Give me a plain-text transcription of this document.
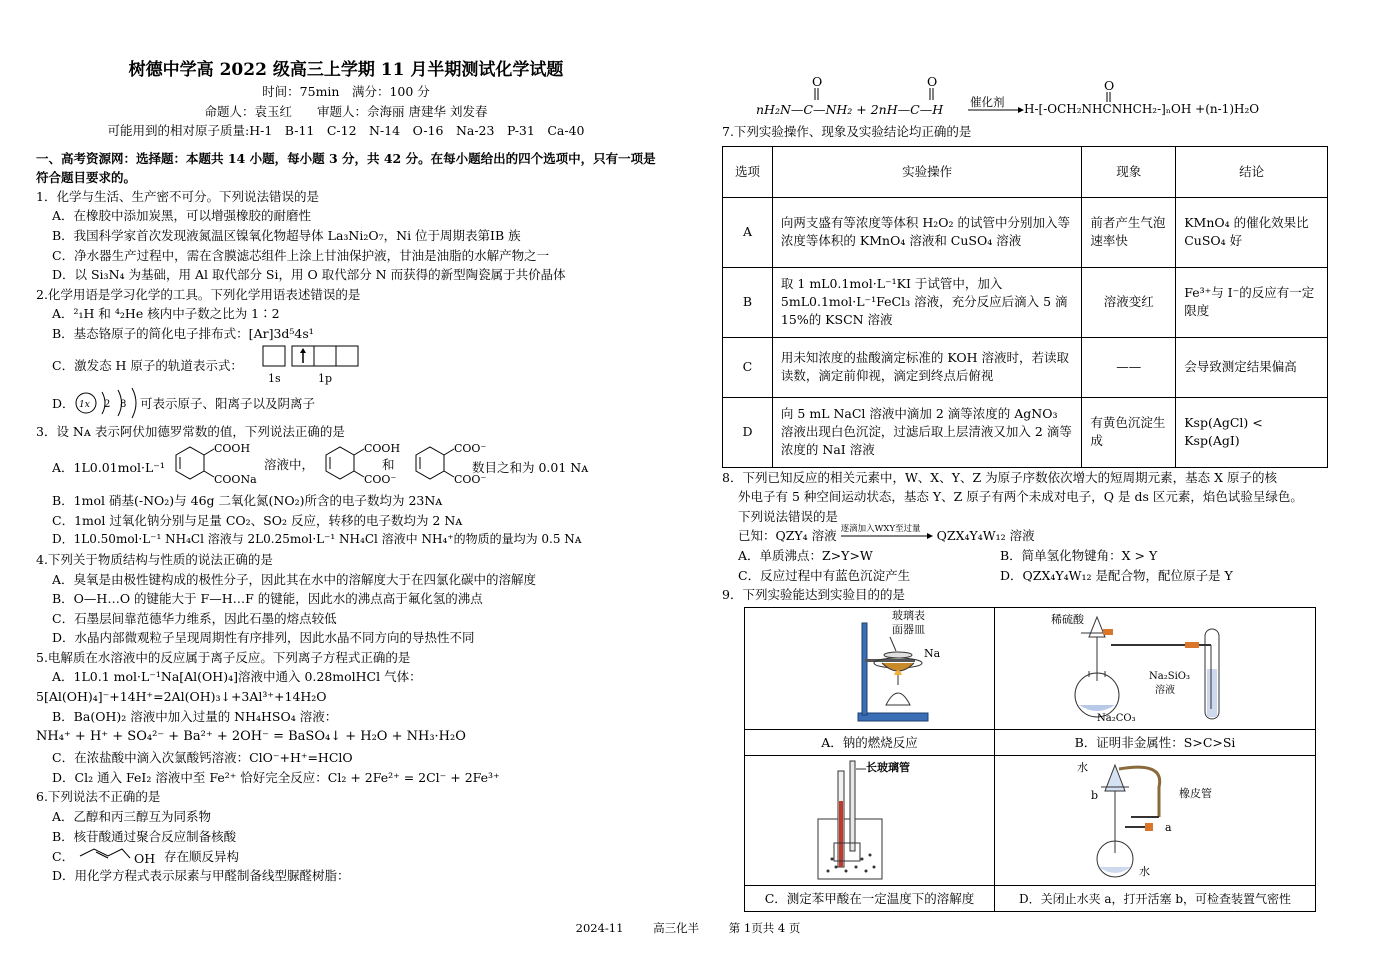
树德中学高 2022 级高三上学期 11 月半期测试化学试题
时间：75min　满分：100 分
命题人：袁玉红　　审题人：佘海丽 唐建华 刘发春
可能用到的相对原子质量:H-1　B-11　C-12　N-14　O-16　Na-23　P-31　Ca-40
一、高考资源网：选择题：本题共 14 小题，每小题 3 分，共 42 分。在每小题给出的四个选项中，只有一项是符合题目要求的。
1．化学与生活、生产密不可分。下列说法错误的是
A．在橡胶中添加炭黑，可以增强橡胶的耐磨性
B．我国科学家首次发现液氮温区镍氧化物超导体 La₃Ni₂O₇，Ni 位于周期表第ⅠB 族
C．净水器生产过程中，需在含膜滤芯组件上涂上甘油保护液，甘油是油脂的水解产物之一
D．以 Si₃N₄ 为基础，用 Al 取代部分 Si，用 O 取代部分 N 而获得的新型陶瓷属于共价晶体
2.化学用语是学习化学的工具。下列化学用语表述错误的是
A．²₁H 和 ⁴₂He 核内中子数之比为 1∶2
B．基态铬原子的简化电子排布式：[Ar]3d⁵4s¹
C．激发态 H 原子的轨道表示式：
1s	1p
D． 1x 2 8 可表示原子、阳离子以及阴离子
3．设 Nᴀ 表示阿伏加德罗常数的值，下列说法正确的是
A．1L0.01mol·L⁻¹
COOH
COONa
溶液中，
COOH
COO⁻
和
COO⁻
COO⁻
数目之和为 0.01 Nᴀ
B．1mol 硝基(-NO₂)与 46g 二氧化氮(NO₂)所含的电子数均为 23Nᴀ
C．1mol 过氧化钠分别与足量 CO₂、SO₂ 反应，转移的电子数均为 2 Nᴀ
D．1L0.50mol·L⁻¹ NH₄Cl 溶液与 2L0.25mol·L⁻¹ NH₄Cl 溶液中 NH₄⁺的物质的量均为 0.5 Nᴀ
4.下列关于物质结构与性质的说法正确的是
A．臭氧是由极性键构成的极性分子，因此其在水中的溶解度大于在四氯化碳中的溶解度
B．O—H…O 的键能大于 F—H…F 的键能，因此水的沸点高于氟化氢的沸点
C．石墨层间靠范德华力维系，因此石墨的熔点较低
D．水晶内部微观粒子呈现周期性有序排列，因此水晶不同方向的导热性不同
5.电解质在水溶液中的反应属于离子反应。下列离子方程式正确的是
A．1L0.1 mol·L⁻¹Na[Al(OH)₄]溶液中通入 0.28molHCl 气体：
5[Al(OH)₄]⁻+14H⁺=2Al(OH)₃↓+3Al³⁺+14H₂O
B．Ba(OH)₂ 溶液中加入过量的 NH₄HSO₄ 溶液：
NH₄⁺ + H⁺ + SO₄²⁻ + Ba²⁺ + 2OH⁻ = BaSO₄↓ + H₂O + NH₃·H₂O
C．在浓盐酸中滴入次氯酸钙溶液：ClO⁻+H⁺=HClO
D．Cl₂ 通入 FeI₂ 溶液中至 Fe²⁺ 恰好完全反应：Cl₂ + 2Fe²⁺ = 2Cl⁻ + 2Fe³⁺
6.下列说法不正确的是
A．乙醇和丙三醇互为同系物
B．核苷酸通过聚合反应制备核酸
C．	OH 存在顺反异构
D．用化学方程式表示尿素与甲醛制备线型脲醛树脂：
O	O	O
nH₂N—C—NH₂ + 2nH—C—H 催化剂 H-[-OCH₂NHCNHCH₂-]ₙOH +(n-1)H₂O
7.下列实验操作、现象及实验结论均正确的是
选项	实验操作	现象	结论
A	向两支盛有等浓度等体积 H₂O₂ 的试管中分别加入等浓度等体积的 KMnO₄ 溶液和 CuSO₄ 溶液	前者产生气泡速率快	KMnO₄ 的催化效果比 CuSO₄ 好
B	取 1 mL0.1mol·L⁻¹KI 于试管中，加入 5mL0.1mol·L⁻¹FeCl₃ 溶液，充分反应后滴入 5 滴 15%的 KSCN 溶液	溶液变红	Fe³⁺与 I⁻的反应有一定限度
C	用未知浓度的盐酸滴定标准的 KOH 溶液时，若读取读数，滴定前仰视，滴定到终点后俯视	——	会导致测定结果偏高
D	向 5 mL NaCl 溶液中滴加 2 滴等浓度的 AgNO₃ 溶液出现白色沉淀，过滤后取上层清液又加入 2 滴等浓度的 NaI 溶液	有黄色沉淀生成	Ksp(AgCl) < Ksp(AgI)
8．下列已知反应的相关元素中，W、X、Y、Z 为原子序数依次增大的短周期元素，基态 X 原子的核
外电子有 5 种空间运动状态，基态 Y、Z 原子有两个未成对电子，Q 是 ds 区元素，焰色试验呈绿色。
下列说法错误的是
已知：QZY₄ 溶液 逐滴加入WXY至过量 QZX₄Y₄W₁₂ 溶液
A．单质沸点：Z>Y>W	B．简单氢化物键角：X > Y
C．反应过程中有蓝色沉淀产生	D．QZX₄Y₄W₁₂ 是配合物，配位原子是 Y
9．下列实验能达到实验目的的是
玻璃表
面器皿
Na	稀硫酸
Na₂SiO₃
溶液
Na₂CO₃

A．钠的燃烧反应	B．证明非金属性：S>C>Si

长玻璃管	水
b 橡皮管
a
水

C．测定苯甲酸在一定温度下的溶解度	D．关闭止水夹 a，打开活塞 b，可检查装置气密性
2024-11	高三化半	第 1页共 4 页
